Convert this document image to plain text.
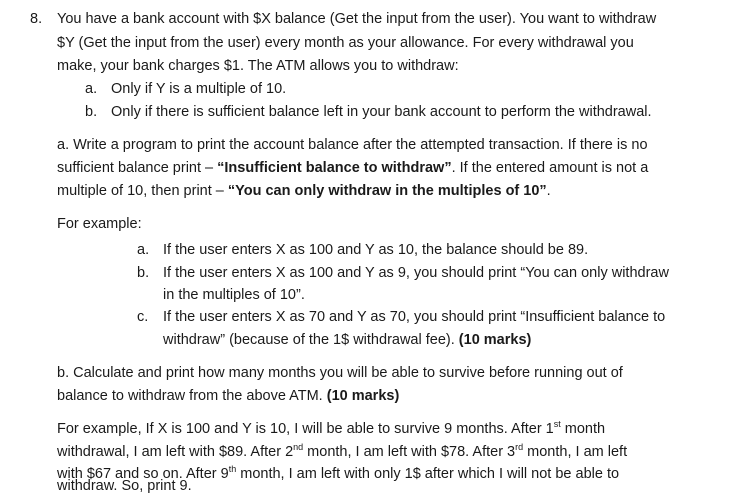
8. You have a bank account with $X balance (Get the input from the user). You want to withdraw
$Y (Get the input from the user) every month as your allowance. For every withdrawal you
make, your bank charges $1. The ATM allows you to withdraw:
a. Only if Y is a multiple of 10.
b. Only if there is sufficient balance left in your bank account to perform the withdrawal.
a. Write a program to print the account balance after the attempted transaction. If there is no
sufficient balance print – “Insufficient balance to withdraw”. If the entered amount is not a
multiple of 10, then print – “You can only withdraw in the multiples of 10”.
For example:
a. If the user enters X as 100 and Y as 10, the balance should be 89.
b. If the user enters X as 100 and Y as 9, you should print “You can only withdraw
in the multiples of 10”.
c. If the user enters X as 70 and Y as 70, you should print “Insufficient balance to
withdraw” (because of the 1$ withdrawal fee). (10 marks)
b. Calculate and print how many months you will be able to survive before running out of
balance to withdraw from the above ATM. (10 marks)
For example, If X is 100 and Y is 10, I will be able to survive 9 months. After 1st month
withdrawal, I am left with $89. After 2nd month, I am left with $78. After 3rd month, I am left
with $67 and so on. After 9th month, I am left with only 1$ after which I will not be able to
withdraw. So, print 9.
